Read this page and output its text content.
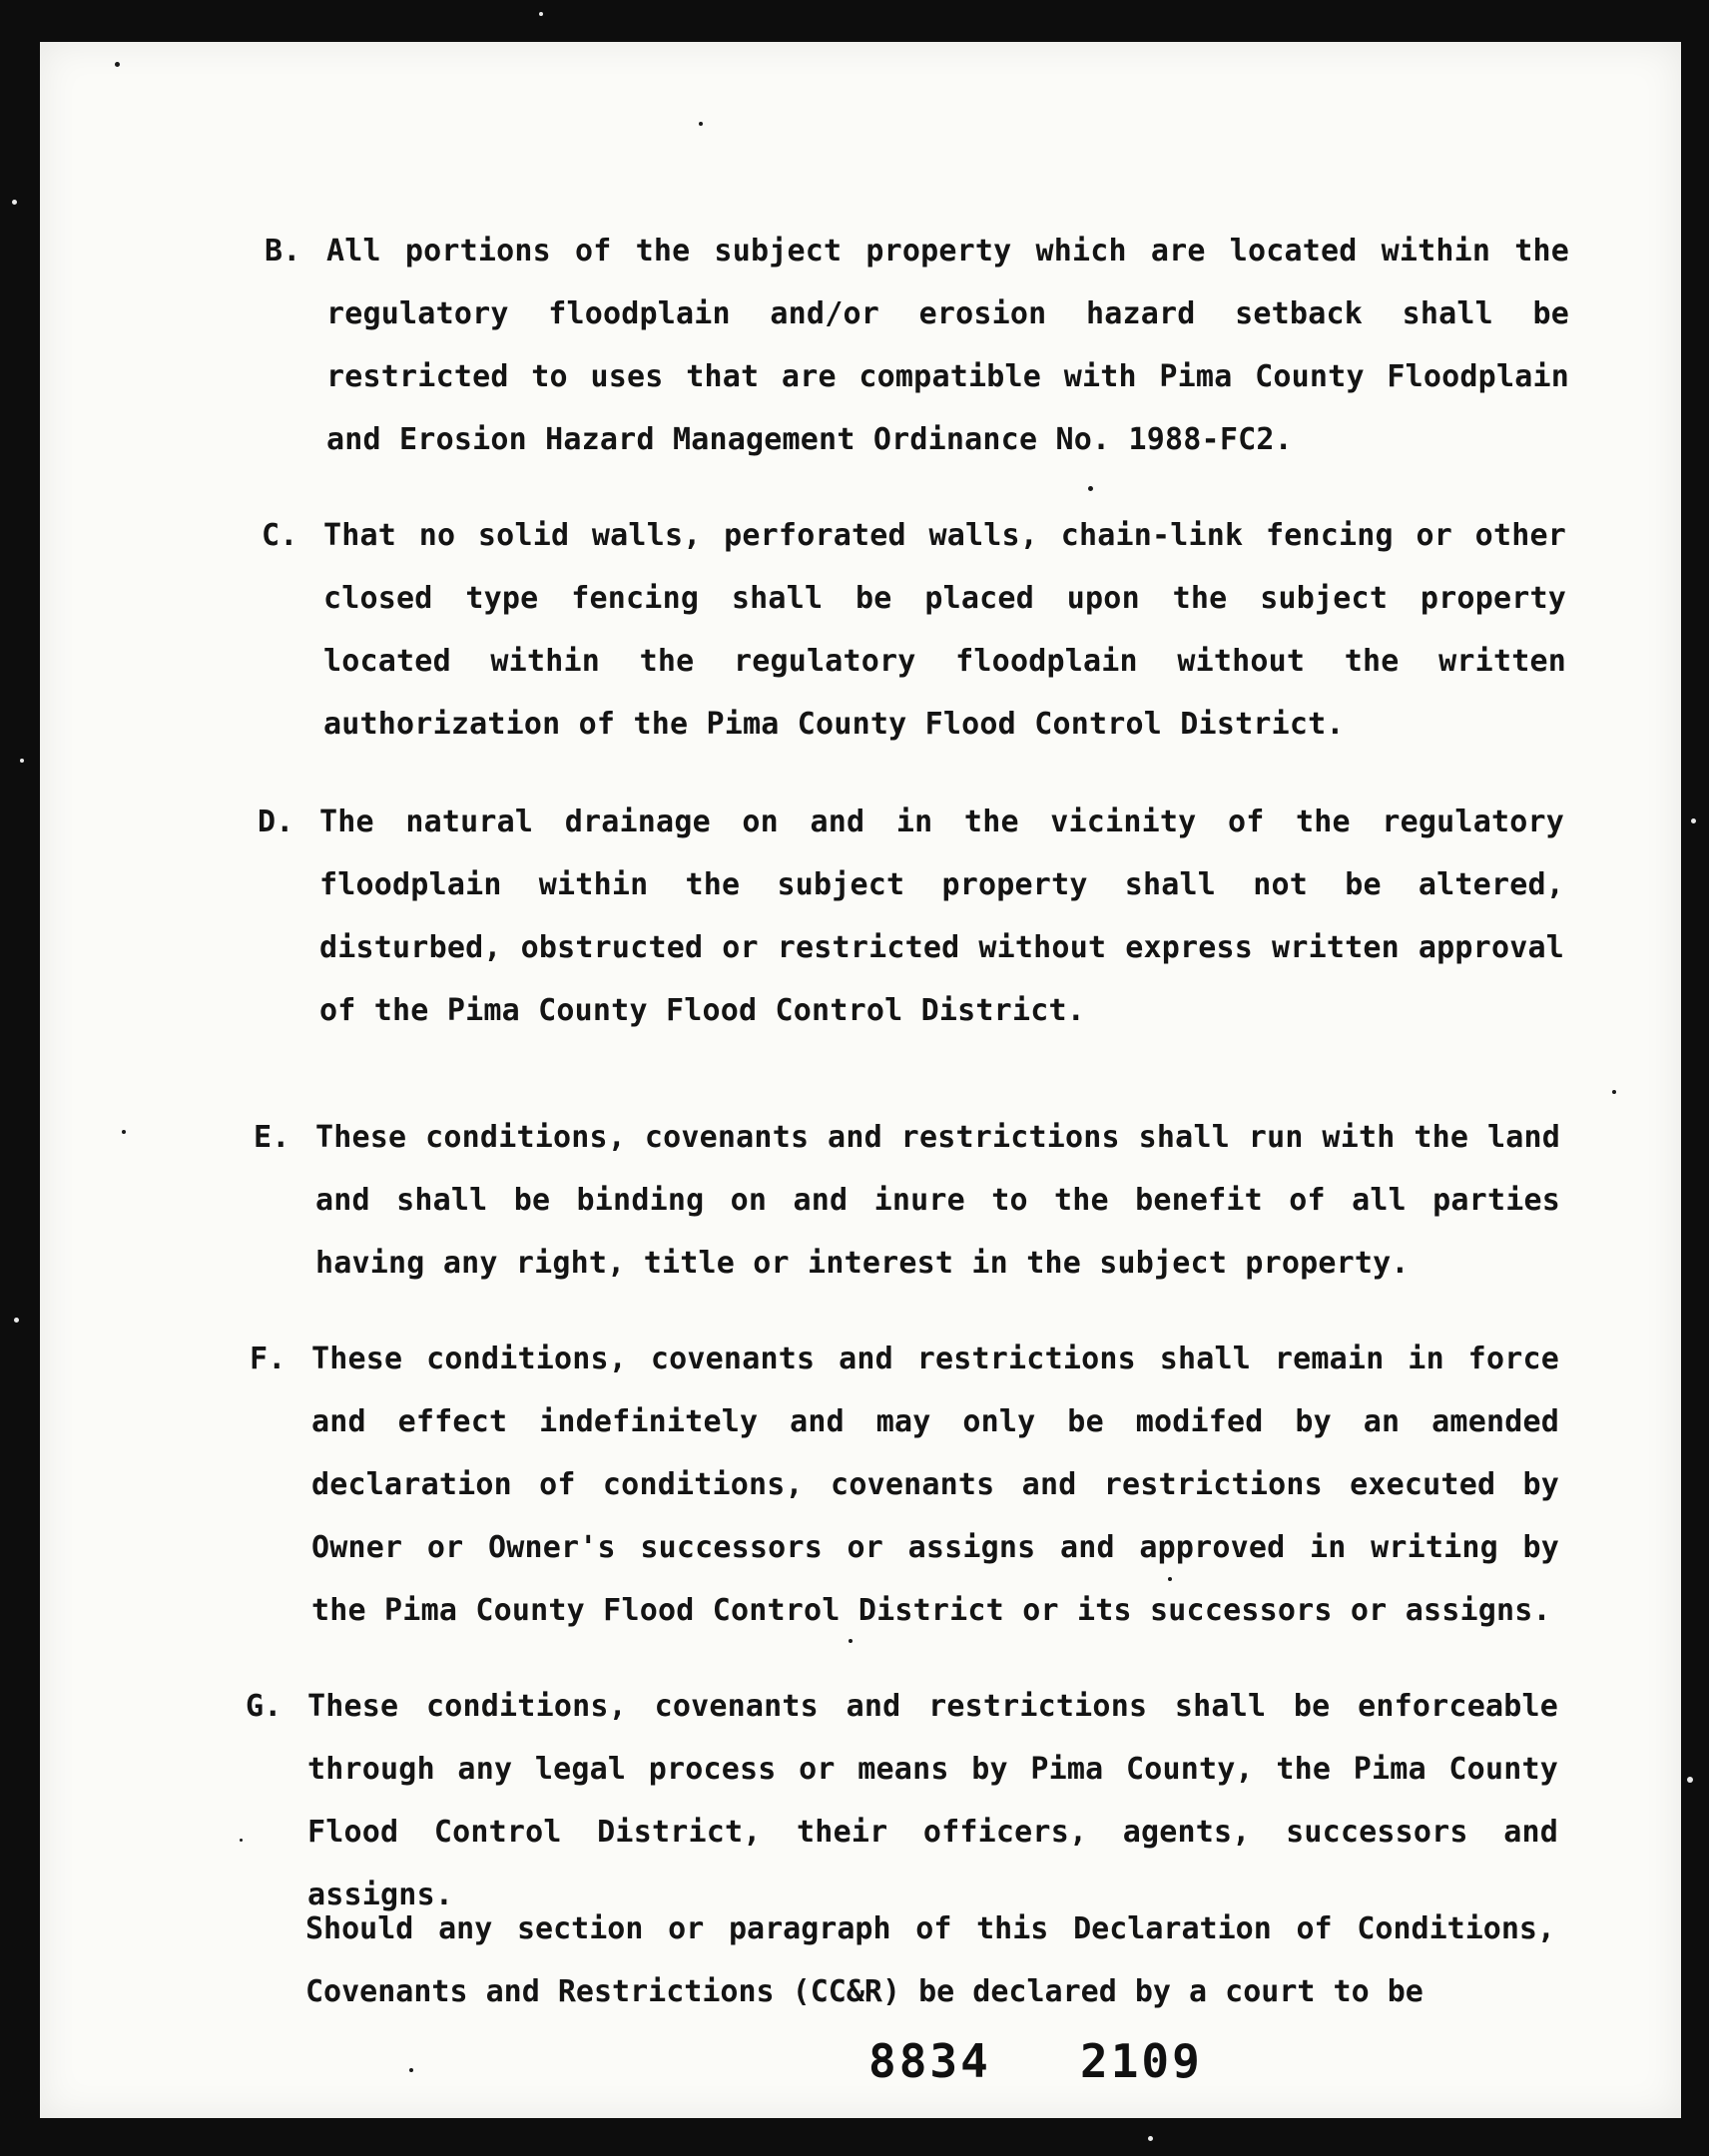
B. All portions of the subject property which are located within the regulatory floodplain and/or erosion hazard setback shall be restricted to uses that are compatible with Pima County Floodplain and Erosion Hazard Management Ordinance No. 1988-FC2.
C. That no solid walls, perforated walls, chain-link fencing or other closed type fencing shall be placed upon the subject property located within the regulatory floodplain without the written authorization of the Pima County Flood Control District.
D. The natural drainage on and in the vicinity of the regulatory floodplain within the subject property shall not be altered, disturbed, obstructed or restricted without express written approval of the Pima County Flood Control District.
E. These conditions, covenants and restrictions shall run with the land and shall be binding on and inure to the benefit of all parties having any right, title or interest in the subject property.
F. These conditions, covenants and restrictions shall remain in force and effect indefinitely and may only be modifed by an amended declaration of conditions, covenants and restrictions executed by Owner or Owner's successors or assigns and approved in writing by the Pima County Flood Control District or its successors or assigns.
G. These conditions, covenants and restrictions shall be enforceable through any legal process or means by Pima County, the Pima County Flood Control District, their officers, agents, successors and assigns.
Should any section or paragraph of this Declaration of Conditions, Covenants and Restrictions (CC&R) be declared by a court to be
8834 2109
